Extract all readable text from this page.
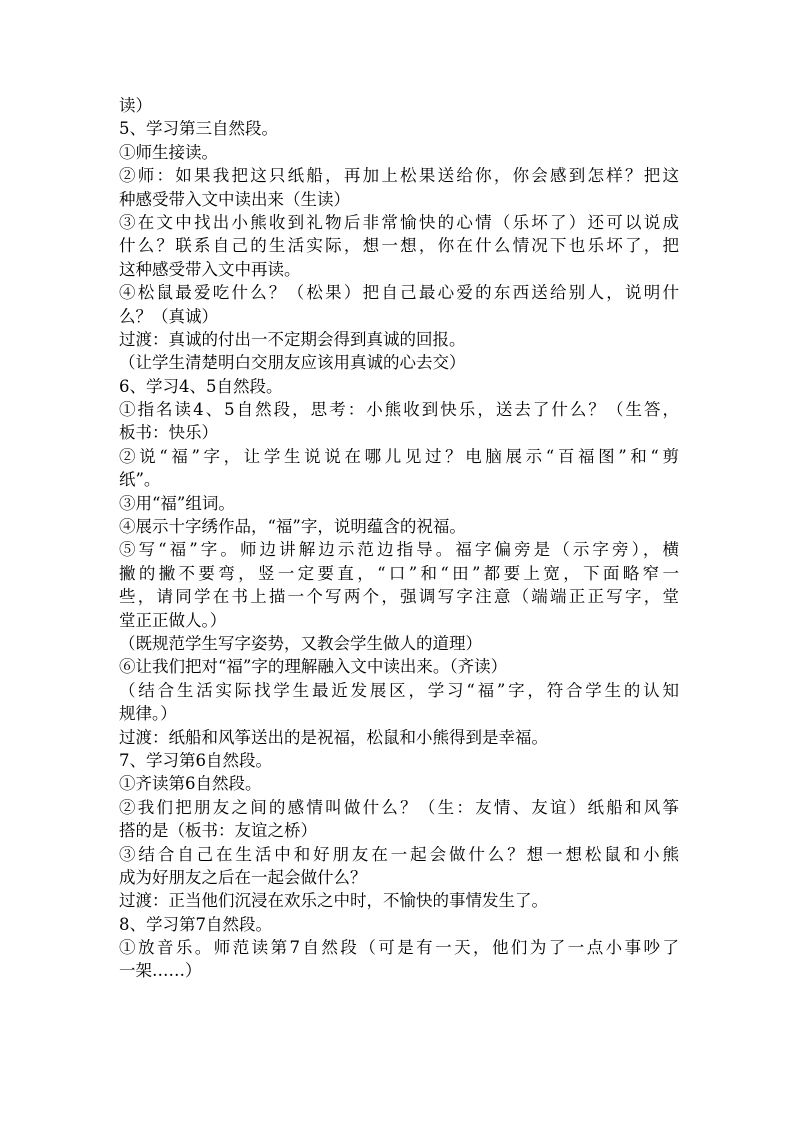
读）
5、学习第三自然段。
①师生接读。
②师：如果我把这只纸船，再加上松果送给你，你会感到怎样？把这
种感受带入文中读出来（生读）
③在文中找出小熊收到礼物后非常愉快的心情（乐坏了）还可以说成
什么？联系自己的生活实际，想一想，你在什么情况下也乐坏了，把
这种感受带入文中再读。
④松鼠最爱吃什么？（松果）把自己最心爱的东西送给别人，说明什
么？（真诚）
过渡：真诚的付出一不定期会得到真诚的回报。
（让学生清楚明白交朋友应该用真诚的心去交）
6、学习4、5自然段。
①指名读4、5自然段，思考：小熊收到快乐，送去了什么？（生答，
板书：快乐）
②说“福”字，让学生说说在哪儿见过？电脑展示“百福图”和“剪
纸”。
③用“福”组词。
④展示十字绣作品，“福”字，说明蕴含的祝福。
⑤写“福”字。师边讲解边示范边指导。福字偏旁是（示字旁），横
撇的撇不要弯，竖一定要直，“口”和“田”都要上宽，下面略窄一
些，请同学在书上描一个写两个，强调写字注意（端端正正写字，堂
堂正正做人。）
（既规范学生写字姿势，又教会学生做人的道理）
⑥让我们把对“福”字的理解融入文中读出来。（齐读）
（结合生活实际找学生最近发展区，学习“福”字，符合学生的认知
规律。）
过渡：纸船和风筝送出的是祝福，松鼠和小熊得到是幸福。
7、学习第6自然段。
①齐读第6自然段。
②我们把朋友之间的感情叫做什么？（生：友情、友谊）纸船和风筝
搭的是（板书：友谊之桥）
③结合自己在生活中和好朋友在一起会做什么？想一想松鼠和小熊
成为好朋友之后在一起会做什么？
过渡：正当他们沉浸在欢乐之中时，不愉快的事情发生了。
8、学习第7自然段。
①放音乐。师范读第7自然段（可是有一天，他们为了一点小事吵了
一架……）
